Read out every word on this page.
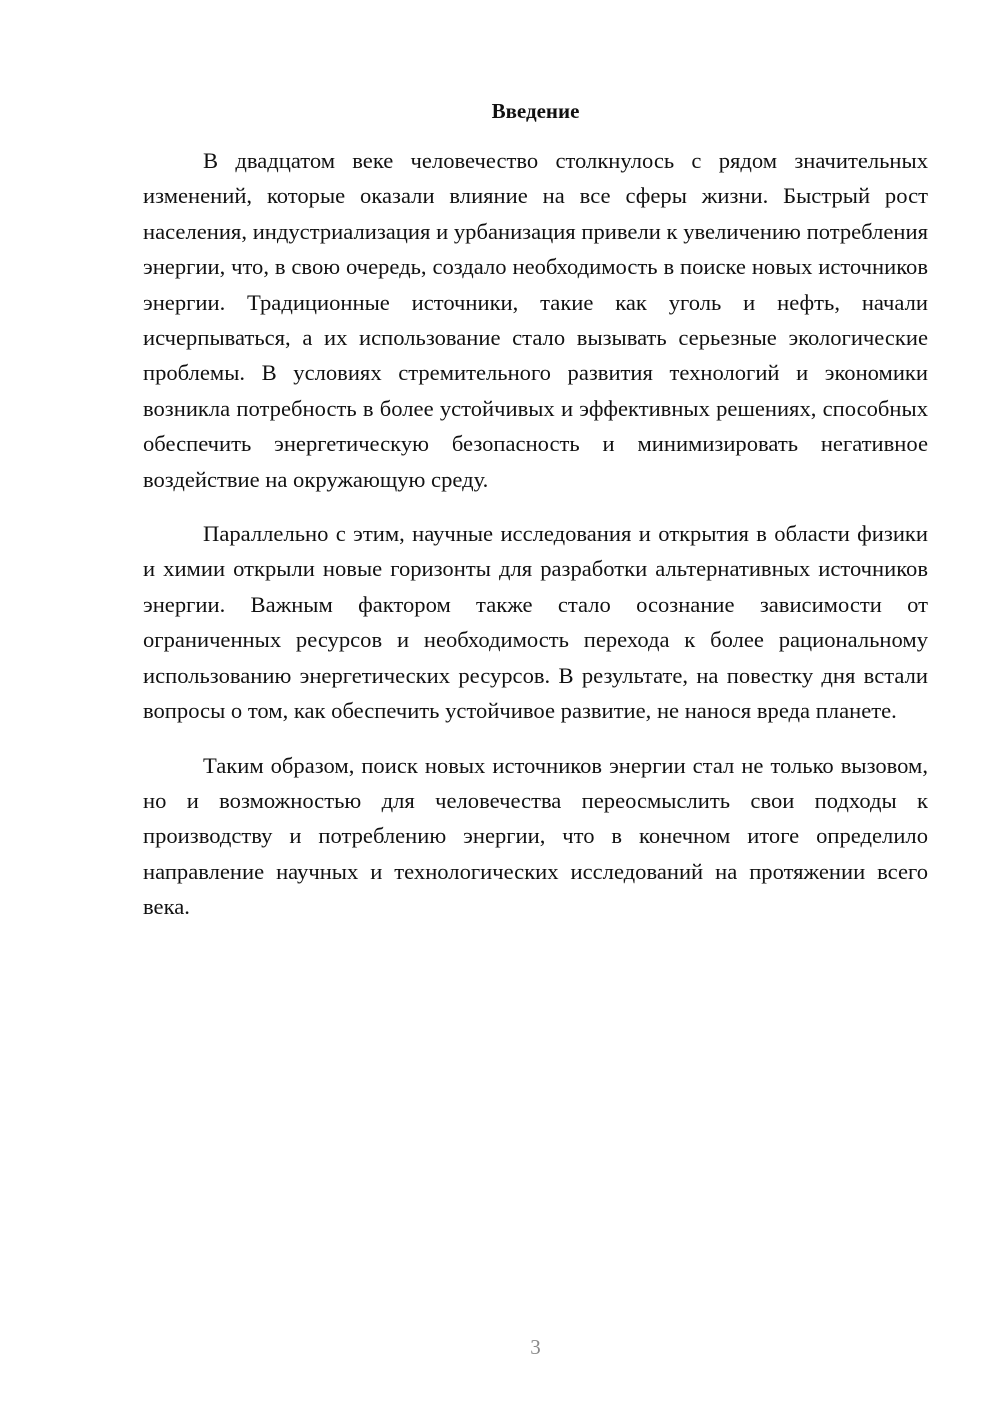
Введение

В двадцатом веке человечество столкнулось с рядом значительных изменений, которые оказали влияние на все сферы жизни. Быстрый рост населения, индустриализация и урбанизация привели к увеличению потребления энергии, что, в свою очередь, создало необходимость в поиске новых источников энергии. Традиционные источники, такие как уголь и нефть, начали исчерпываться, а их использование стало вызывать серьезные экологические проблемы. В условиях стремительного развития технологий и экономики возникла потребность в более устойчивых и эффективных решениях, способных обеспечить энергетическую безопасность и минимизировать негативное воздействие на окружающую среду.

Параллельно с этим, научные исследования и открытия в области физики и химии открыли новые горизонты для разработки альтернативных источников энергии. Важным фактором также стало осознание зависимости от ограниченных ресурсов и необходимость перехода к более рациональному использованию энергетических ресурсов. В результате, на повестку дня встали вопросы о том, как обеспечить устойчивое развитие, не нанося вреда планете.

Таким образом, поиск новых источников энергии стал не только вызовом, но и возможностью для человечества переосмыслить свои подходы к производству и потреблению энергии, что в конечном итоге определило направление научных и технологических исследований на протяжении всего века.

3
